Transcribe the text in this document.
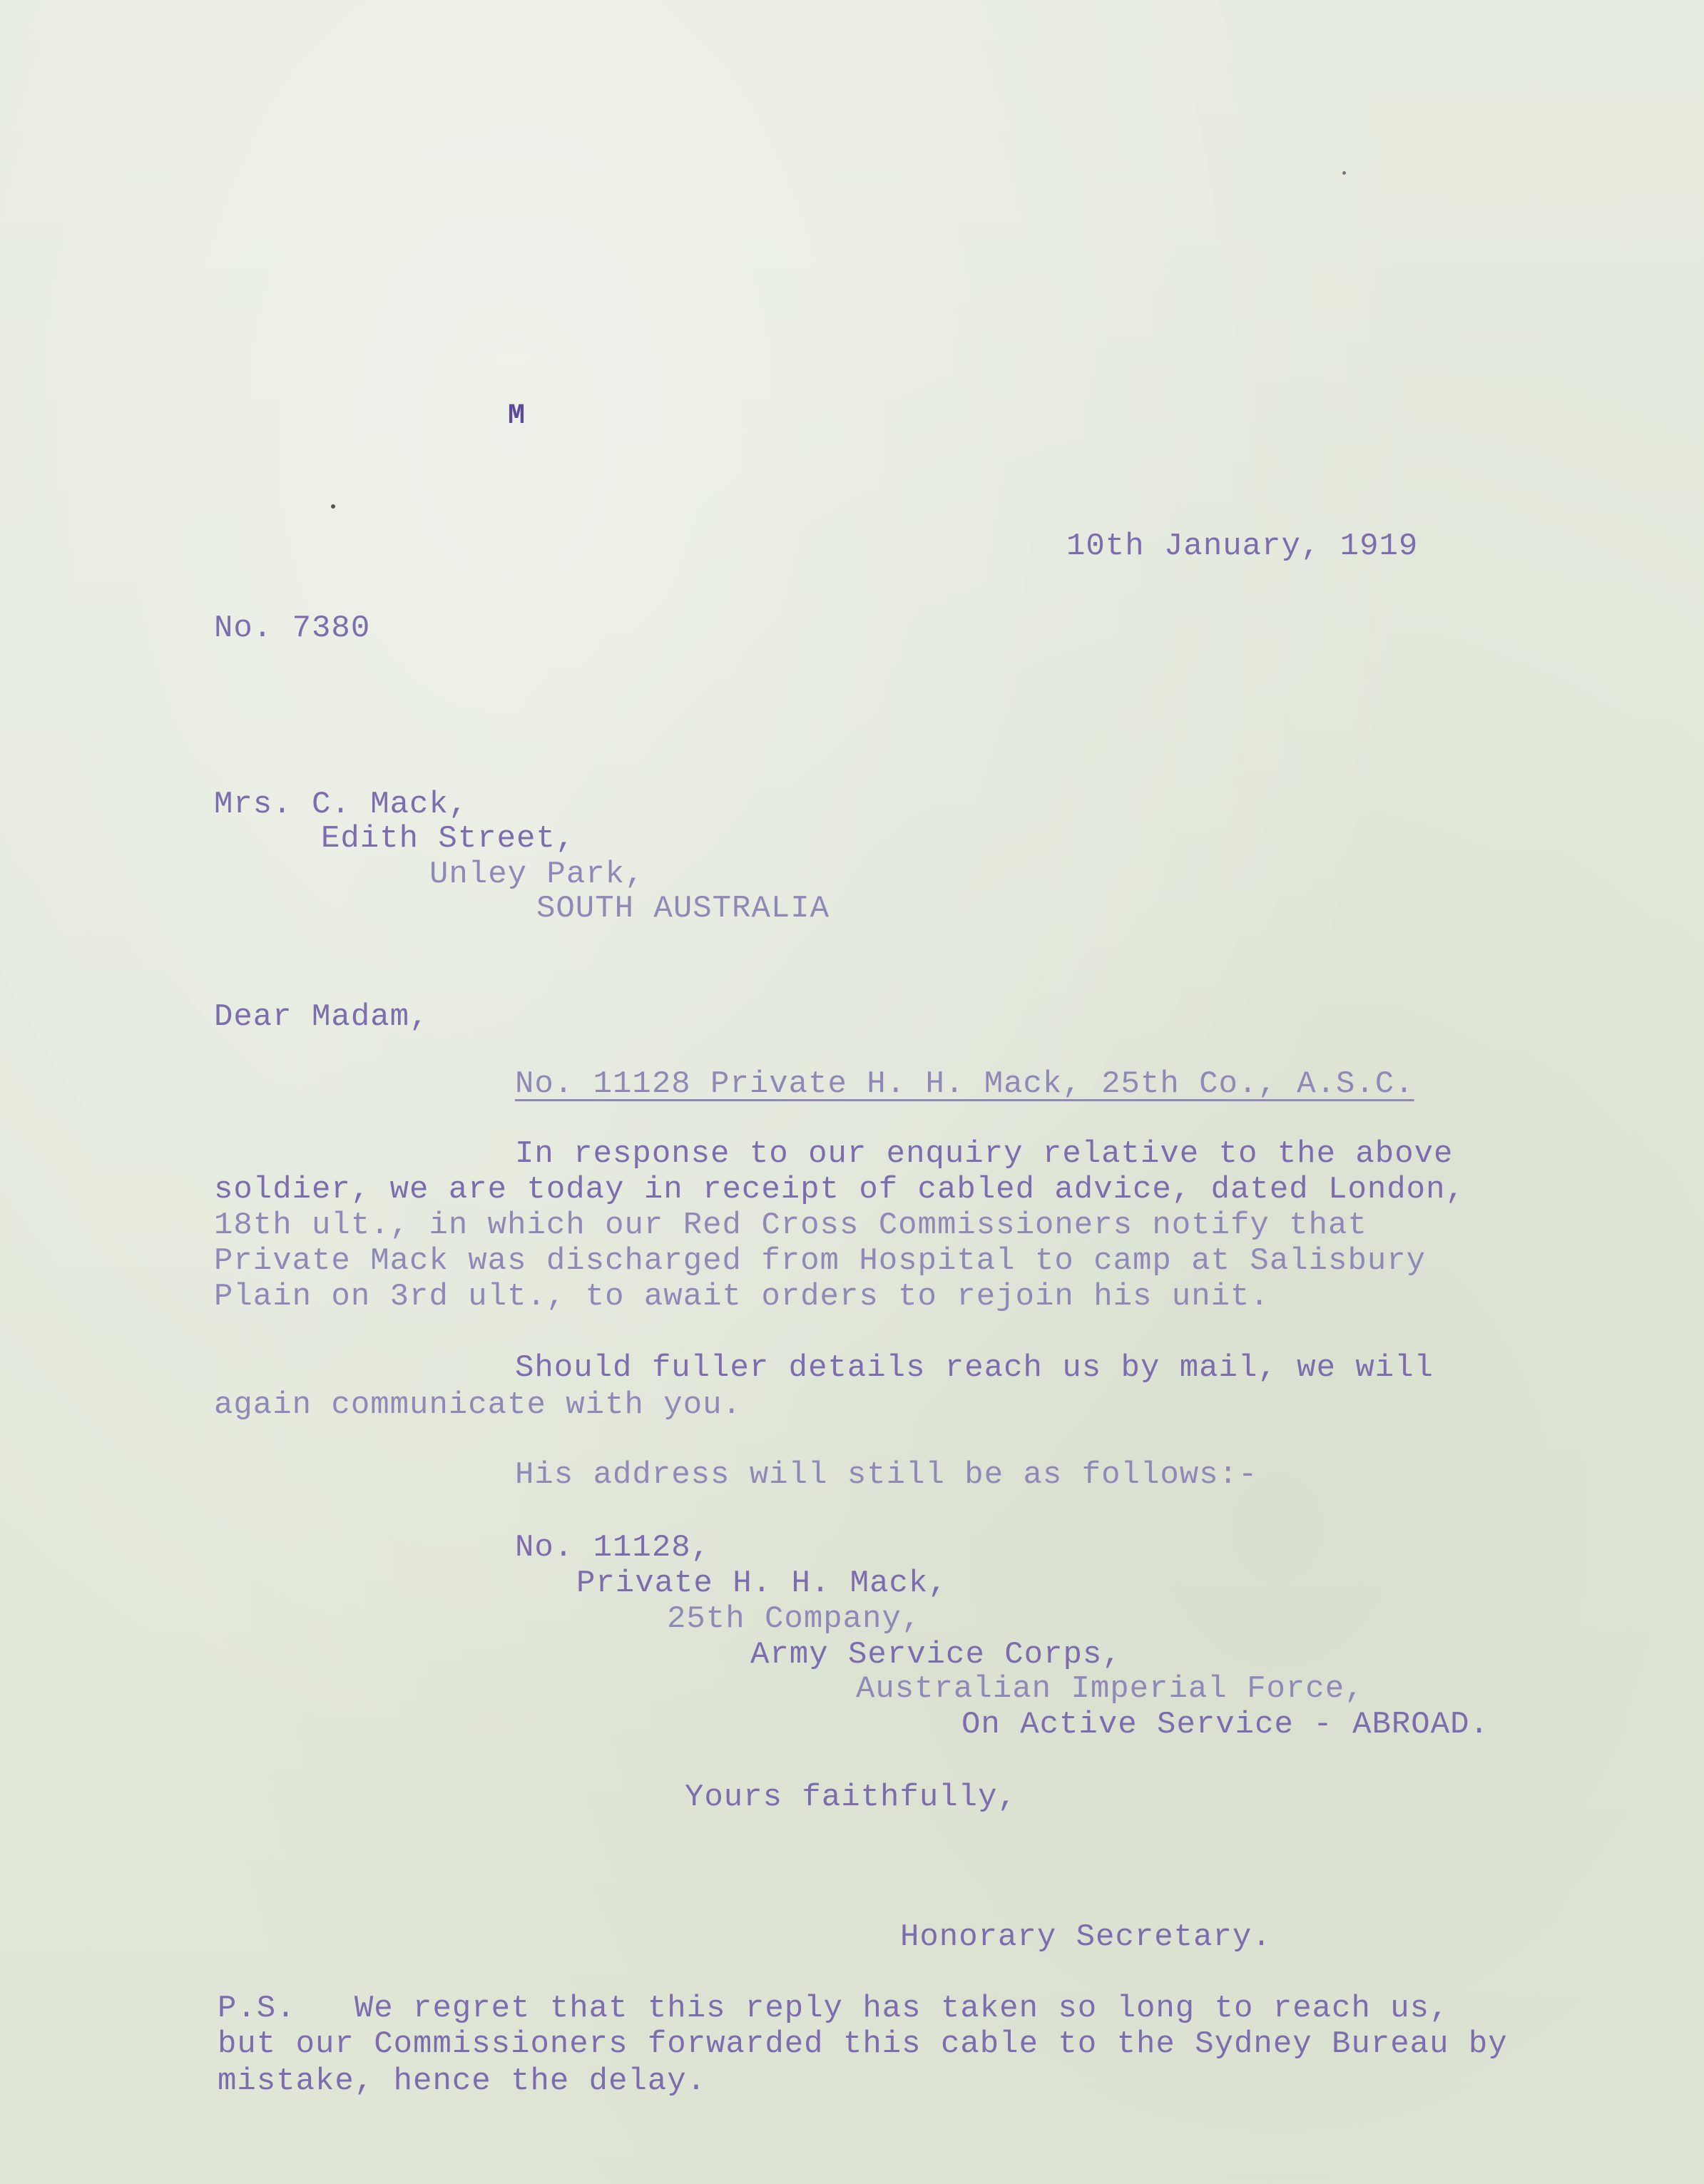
M
10th January, 1919
No. 7380
Mrs. C. Mack,
Edith Street,
Unley Park,
SOUTH AUSTRALIA
Dear Madam,
No. 11128 Private H. H. Mack, 25th Co., A.S.C.
In response to our enquiry relative to the above
soldier, we are today in receipt of cabled advice, dated London,
18th ult., in which our Red Cross Commissioners notify that
Private Mack was discharged from Hospital to camp at Salisbury
Plain on 3rd ult., to await orders to rejoin his unit.
Should fuller details reach us by mail, we will
again communicate with you.
His address will still be as follows:-
No. 11128,
Private H. H. Mack,
25th Company,
Army Service Corps,
Australian Imperial Force,
On Active Service - ABROAD.
Yours faithfully,
Honorary Secretary.
P.S.   We regret that this reply has taken so long to reach us,
but our Commissioners forwarded this cable to the Sydney Bureau by
mistake, hence the delay.
